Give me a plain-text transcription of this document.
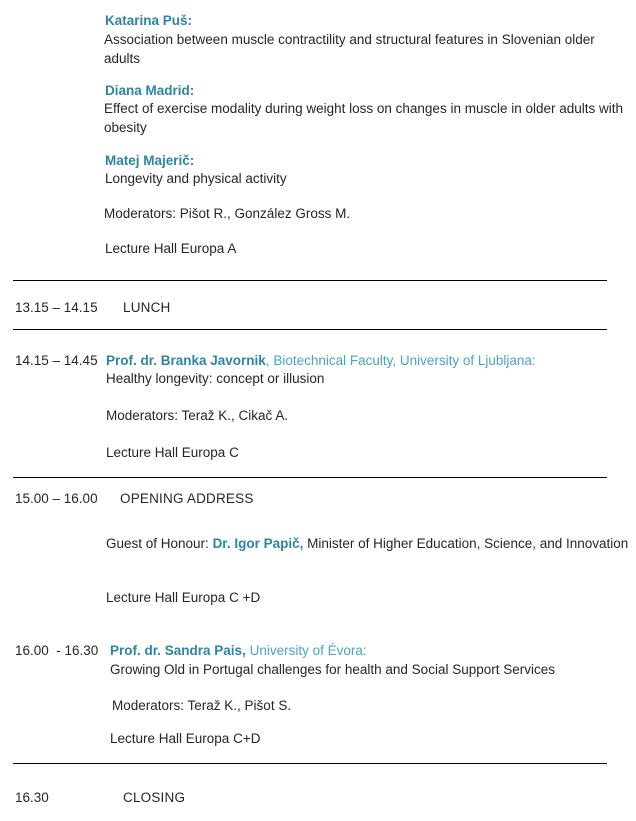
Katarina Puš:
Association between muscle contractility and structural features in Slovenian older adults
Diana Madrid:
Effect of exercise modality during weight loss on changes in muscle in older adults with obesity
Matej Majerič:
Longevity and physical activity
Moderators: Pišot R., González Gross M.
Lecture Hall Europa A
13.15 – 14.15 LUNCH
14.15 – 14.45 Prof. dr. Branka Javornik, Biotechnical Faculty, University of Ljubljana:
Healthy longevity: concept or illusion
Moderators: Teraž K., Cikač A.
Lecture Hall Europa C
15.00 – 16.00 OPENING ADDRESS
Guest of Honour: Dr. Igor Papič, Minister of Higher Education, Science, and Innovation
Lecture Hall Europa C +D
16.00  - 16.30 Prof. dr. Sandra Pais, University of Évora:
Growing Old in Portugal challenges for health and Social Support Services
Moderators: Teraž K., Pišot S.
Lecture Hall Europa C+D
16.30	CLOSING
